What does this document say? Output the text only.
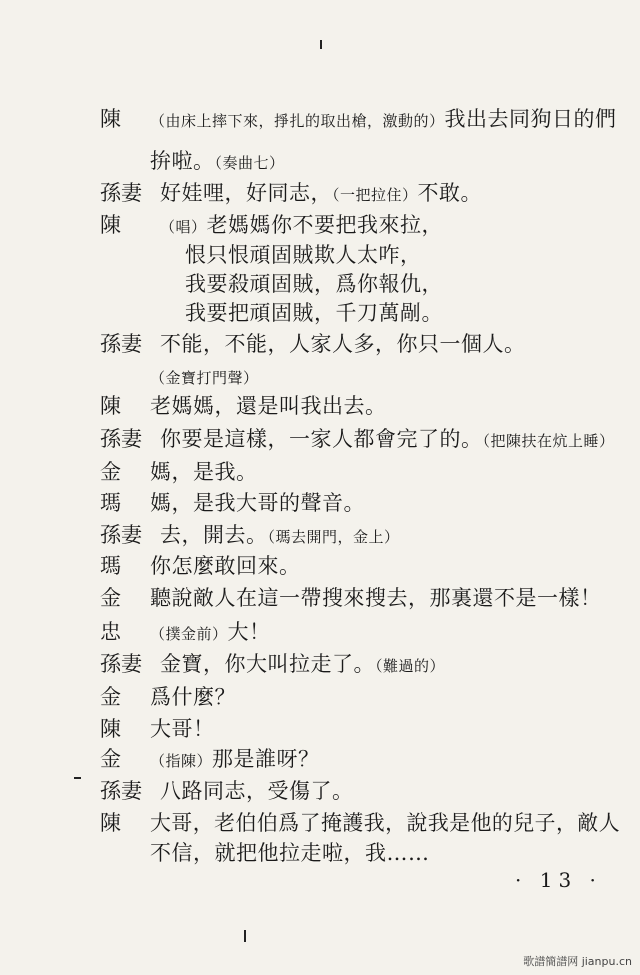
陳 （由床上摔下來，掙扎的取出槍，激動的）我出去同狗日的們
拚啦。（奏曲七）
孫妻 好娃哩，好同志，（一把拉住）不敢。
陳	（唱）老媽媽你不要把我來拉，
恨只恨頑固賊欺人太咋，
我要殺頑固賊，爲你報仇，
我要把頑固賊，千刀萬剮。
孫妻 不能，不能，人家人多，你只一個人。
（金寶打門聲）
陳 老媽媽，還是叫我出去。
孫妻 你要是這樣，一家人都會完了的。（把陳扶在炕上睡）
金 媽，是我。
瑪 媽，是我大哥的聲音。
孫妻 去，開去。（瑪去開門，金上）
瑪 你怎麼敢回來。
金 聽說敵人在這一帶搜來搜去，那裏還不是一樣！
忠 （撲金前）大！
孫妻 金寶，你大叫拉走了。（難過的）
金 爲什麼？
陳 大哥！
金 （指陳）那是誰呀？
孫妻 八路同志，受傷了。
陳 大哥，老伯伯爲了掩護我，說我是他的兒子，敵人
不信，就把他拉走啦，我……
· 13 ·
歌譜簡譜网 jianpu.cn
